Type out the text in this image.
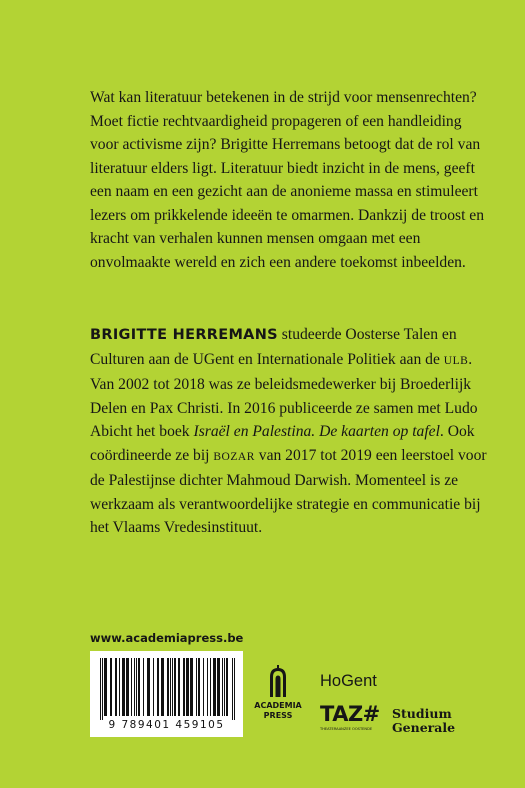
Wat kan literatuur betekenen in de strijd voor mensenrechten? Moet fictie rechtvaardigheid propageren of een handleiding voor activisme zijn? Brigitte Herremans betoogt dat de rol van literatuur elders ligt. Literatuur biedt inzicht in de mens, geeft een naam en een gezicht aan de anonieme massa en stimuleert lezers om prikkelende ideeën te omarmen. Dankzij de troost en kracht van verhalen kunnen mensen omgaan met een onvolmaakte wereld en zich een andere toekomst inbeelden.

BRIGITTE HERREMANS studeerde Oosterse Talen en Culturen aan de UGent en Internationale Politiek aan de ULB. Van 2002 tot 2018 was ze beleidsmedewerker bij Broederlijk Delen en Pax Christi. In 2016 publiceerde ze samen met Ludo Abicht het boek Israël en Palestina. De kaarten op tafel. Ook coördineerde ze bij BOZAR van 2017 tot 2019 een leerstoel voor de Palestijnse dichter Mahmoud Darwish. Momenteel is ze werkzaam als verantwoordelijke strategie en communicatie bij het Vlaams Vredesinstituut.

www.academiapress.be
9 789401 459105
ACADEMIA
PRESS
HoGent
TAZ#
THEATERAANZEE OOSTENDE
Studium
Generale
